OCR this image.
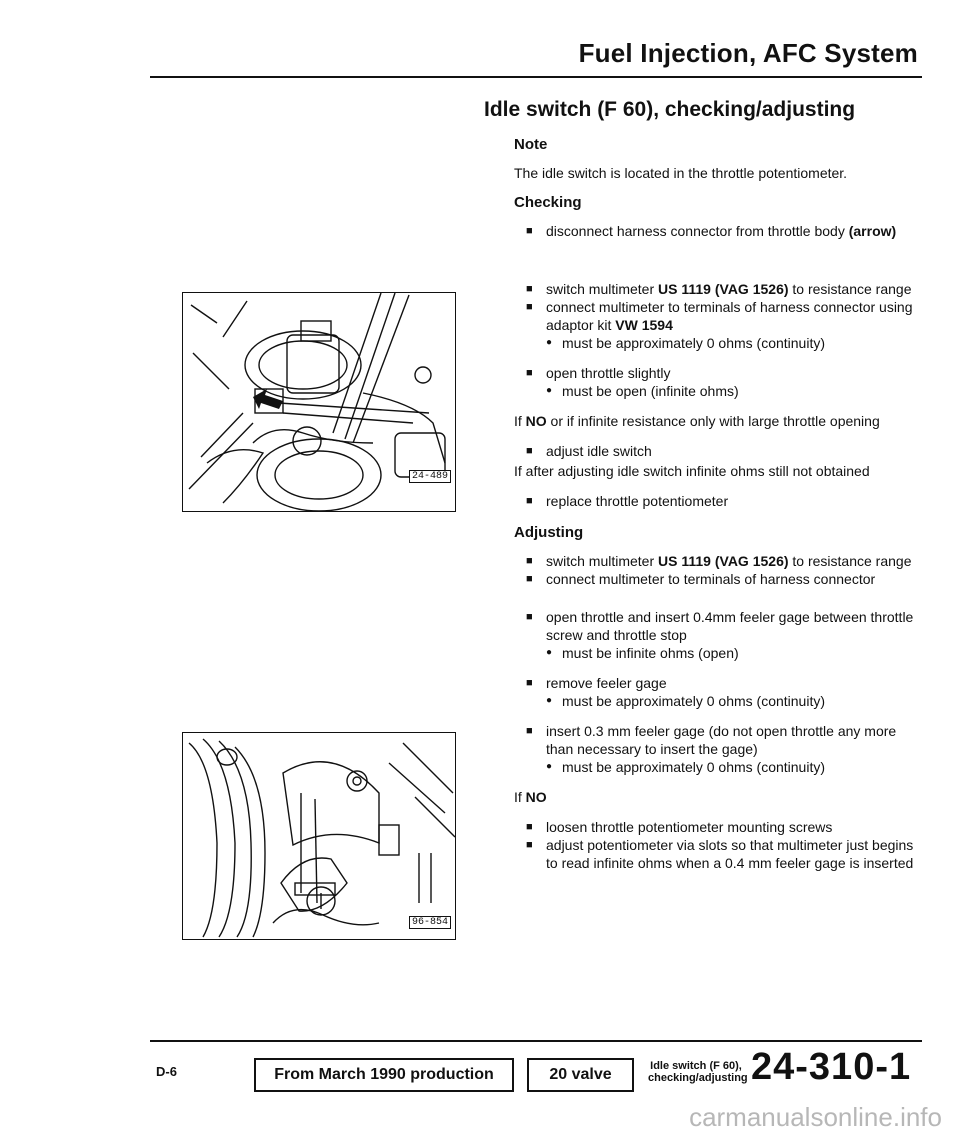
Fuel Injection, AFC System
Idle switch (F 60), checking/adjusting
24-489
96-854
Note
The idle switch is located in the throttle potentiometer.
Checking
■ disconnect harness connector from throttle body (arrow)
■ switch multimeter US 1119 (VAG 1526) to resistance range
■ connect multimeter to terminals of harness connector using adaptor kit VW 1594
● must be approximately 0 ohms (continuity)
■ open throttle slightly
● must be open (infinite ohms)
If NO or if infinite resistance only with large throttle opening
■ adjust idle switch
If after adjusting idle switch infinite ohms still not obtained
■ replace throttle potentiometer
Adjusting
■ switch multimeter US 1119 (VAG 1526) to resistance range
■ connect multimeter to terminals of harness connector
■ open throttle and insert 0.4mm feeler gage between throttle screw and throttle stop
● must be infinite ohms (open)
■ remove feeler gage
● must be approximately 0 ohms (continuity)
■ insert 0.3 mm feeler gage (do not open throttle any more than necessary to insert the gage)
● must be approximately 0 ohms (continuity)
If NO
■ loosen throttle potentiometer mounting screws
■ adjust potentiometer via slots so that multimeter just begins to read infinite ohms when a 0.4 mm feeler gage is inserted
D-6	From March 1990 production	20 valve	Idle switch (F 60),
checking/adjusting 24-310-1
carmanualsonline.info
